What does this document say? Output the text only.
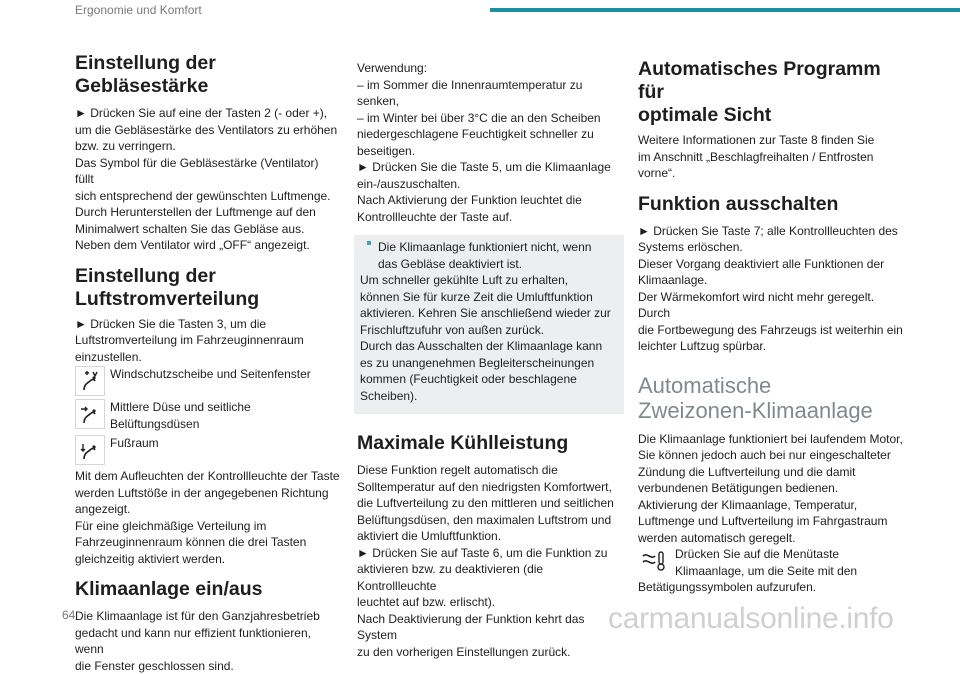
Ergonomie und Komfort
Einstellung der Gebläsestärke

► Drücken Sie auf eine der Tasten 2 (- oder +),

um die Gebläsestärke des Ventilators zu erhöhen

bzw. zu verringern.

Das Symbol für die Gebläsestärke (Ventilator) füllt

sich entsprechend der gewünschten Luftmenge.

Durch Herunterstellen der Luftmenge auf den

Minimalwert schalten Sie das Gebläse aus.

Neben dem Ventilator wird „OFF“ angezeigt.

Einstellung der
Luftstromverteilung

► Drücken Sie die Tasten 3, um die

Luftstromverteilung im Fahrzeuginnenraum

einzustellen.

Windschutzscheibe und Seitenfenster
Mittlere Düse und seitliche Belüftungsdüsen
Fußraum

Mit dem Aufleuchten der Kontrollleuchte der Taste

werden Luftstöße in der angegebenen Richtung

angezeigt.

Für eine gleichmäßige Verteilung im

Fahrzeuginnenraum können die drei Tasten

gleichzeitig aktiviert werden.

Klimaanlage ein/aus

Die Klimaanlage ist für den Ganzjahresbetrieb

gedacht und kann nur effizient funktionieren, wenn

die Fenster geschlossen sind.

Verwendung:

– im Sommer die Innenraumtemperatur zu senken,

– im Winter bei über 3°C die an den Scheiben

niedergeschlagene Feuchtigkeit schneller zu

beseitigen.

► Drücken Sie die Taste 5, um die Klimaanlage

ein-/auszuschalten.

Nach Aktivierung der Funktion leuchtet die

Kontrollleuchte der Taste auf.

Die Klimaanlage funktioniert nicht, wenn

das Gebläse deaktiviert ist.

Um schneller gekühlte Luft zu erhalten,

können Sie für kurze Zeit die Umluftfunktion

aktivieren. Kehren Sie anschließend wieder zur

Frischluftzufuhr von außen zurück.

Durch das Ausschalten der Klimaanlage kann

es zu unangenehmen Begleiterscheinungen

kommen (Feuchtigkeit oder beschlagene

Scheiben).

Maximale Kühlleistung

Diese Funktion regelt automatisch die

Solltemperatur auf den niedrigsten Komfortwert,

die Luftverteilung zu den mittleren und seitlichen

Belüftungsdüsen, den maximalen Luftstrom und

aktiviert die Umluftfunktion.

► Drücken Sie auf Taste 6, um die Funktion zu

aktivieren bzw. zu deaktivieren (die Kontrollleuchte

leuchtet auf bzw. erlischt).

Nach Deaktivierung der Funktion kehrt das System

zu den vorherigen Einstellungen zurück.

Automatisches Programm für
optimale Sicht

Weitere Informationen zur Taste 8 finden Sie

im Anschnitt „Beschlagfreihalten / Entfrosten

vorne“.

Funktion ausschalten

► Drücken Sie Taste 7; alle Kontrollleuchten des

Systems erlöschen.

Dieser Vorgang deaktiviert alle Funktionen der

Klimaanlage.

Der Wärmekomfort wird nicht mehr geregelt. Durch

die Fortbewegung des Fahrzeugs ist weiterhin ein

leichter Luftzug spürbar.

Automatische
Zweizonen-Klimaanlage

Die Klimaanlage funktioniert bei laufendem Motor,

Sie können jedoch auch bei nur eingeschalteter

Zündung die Luftverteilung und die damit

verbundenen Betätigungen bedienen.

Aktivierung der Klimaanlage, Temperatur,

Luftmenge und Luftverteilung im Fahrgastraum

werden automatisch geregelt.

Drücken Sie auf die Menütaste

Klimaanlage, um die Seite mit den

Betätigungssymbolen aufzurufen.

64	carmanualsonline.info
